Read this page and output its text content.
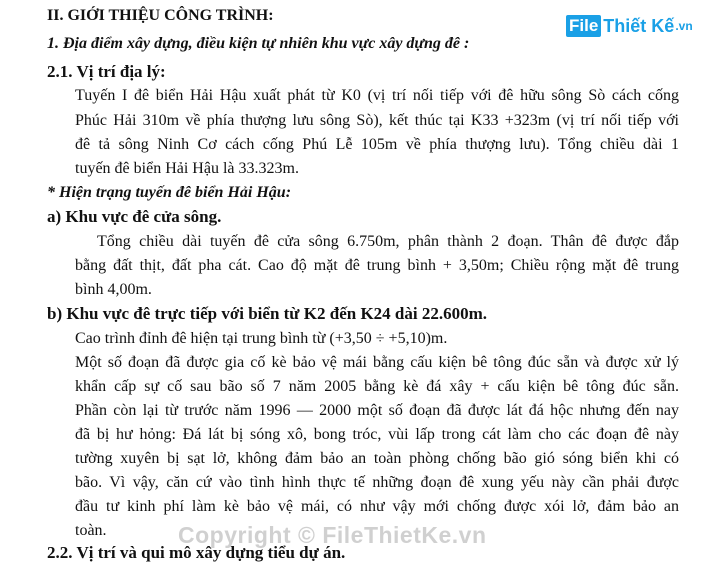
File Thiết Kế .vn
II. GIỚI THIỆU CÔNG TRÌNH:
1. Địa điểm xây dựng, điều kiện tự nhiên khu vực xây dựng đê :
2.1. Vị trí địa lý:
Tuyến I đê biển Hải Hậu xuất phát từ K0 (vị trí nối tiếp với đê hữu sông Sò cách cống
Phúc Hải 310m về phía thượng lưu sông Sò), kết thúc tại K33 +323m (vị trí nối tiếp với
đê tả sông Ninh Cơ cách cống Phú Lễ 105m về phía thượng lưu). Tổng chiều dài 1
tuyến đê biển Hải Hậu là 33.323m.
* Hiện trạng tuyến đê biển Hải Hậu:
a) Khu vực đê cửa sông.
Tổng chiều dài tuyến đê cửa sông 6.750m, phân thành 2 đoạn. Thân đê được đắp
bằng đất thịt, đất pha cát. Cao độ mặt đê trung bình + 3,50m; Chiều rộng mặt đê trung
bình 4,00m.
b) Khu vực đê trực tiếp với biển từ K2 đến K24 dài 22.600m.
Cao trình đỉnh đê hiện tại trung bình từ (+3,50 ÷ +5,10)m.
Một số đoạn đã được gia cố kè bảo vệ mái bằng cấu kiện bê tông đúc sẵn và được xử lý
khẩn cấp sự cố sau bão số 7 năm 2005 bằng kè đá xây + cấu kiện bê tông đúc sẵn.
Phần còn lại từ trước năm 1996 — 2000 một số đoạn đã được lát đá hộc nhưng đến nay
đã bị hư hỏng: Đá lát bị sóng xô, bong tróc, vùi lấp trong cát làm cho các đoạn đê này
tường xuyên bị sạt lở, không đảm bảo an toàn phòng chống bão gió sóng biển khi có
bão. Vì vậy, căn cứ vào tình hình thực tế những đoạn đê xung yếu này cần phải được
đầu tư kinh phí làm kè bảo vệ mái, có như vậy mới chống được xói lở, đảm bảo an
toàn.
2.2. Vị trí và qui mô xây dựng tiểu dự án.
Copyright © FileThietKe.vn
